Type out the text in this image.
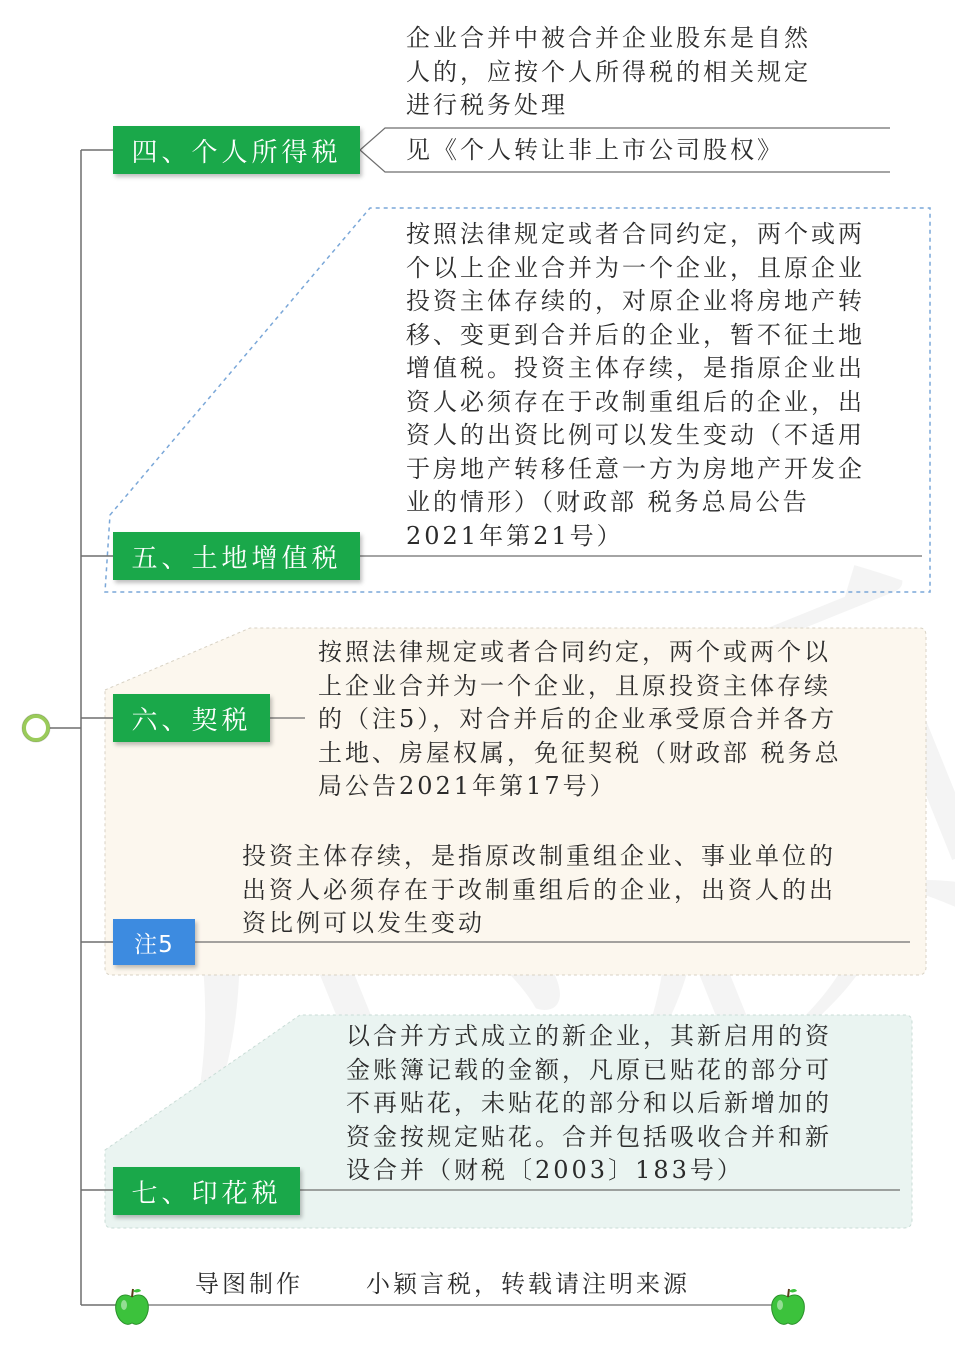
四、个人所得税

企业合并中被合并企业股东是自然
人的，应按个人所得税的相关规定
进行税务处理

见《个人转让非上市公司股权》

五、土地增值税

按照法律规定或者合同约定，两个或两
个以上企业合并为一个企业，且原企业
投资主体存续的，对原企业将房地产转
移、变更到合并后的企业，暂不征土地
增值税。投资主体存续，是指原企业出
资人必须存在于改制重组后的企业，出
资人的出资比例可以发生变动（不适用
于房地产转移任意一方为房地产开发企
业的情形）（财政部 税务总局公告
2021年第21号）

六、契税

按照法律规定或者合同约定，两个或两个以
上企业合并为一个企业，且原投资主体存续
的（注5），对合并后的企业承受原合并各方
土地、房屋权属，免征契税（财政部 税务总
局公告2021年第17号）

注5

投资主体存续，是指原改制重组企业、事业单位的
出资人必须存在于改制重组后的企业，出资人的出
资比例可以发生变动

七、印花税

以合并方式成立的新企业，其新启用的资
金账簿记载的金额，凡原已贴花的部分可
不再贴花，未贴花的部分和以后新增加的
资金按规定贴花。合并包括吸收合并和新
设合并（财税〔2003〕183号）

导图制作	小颖言税，转载请注明来源
